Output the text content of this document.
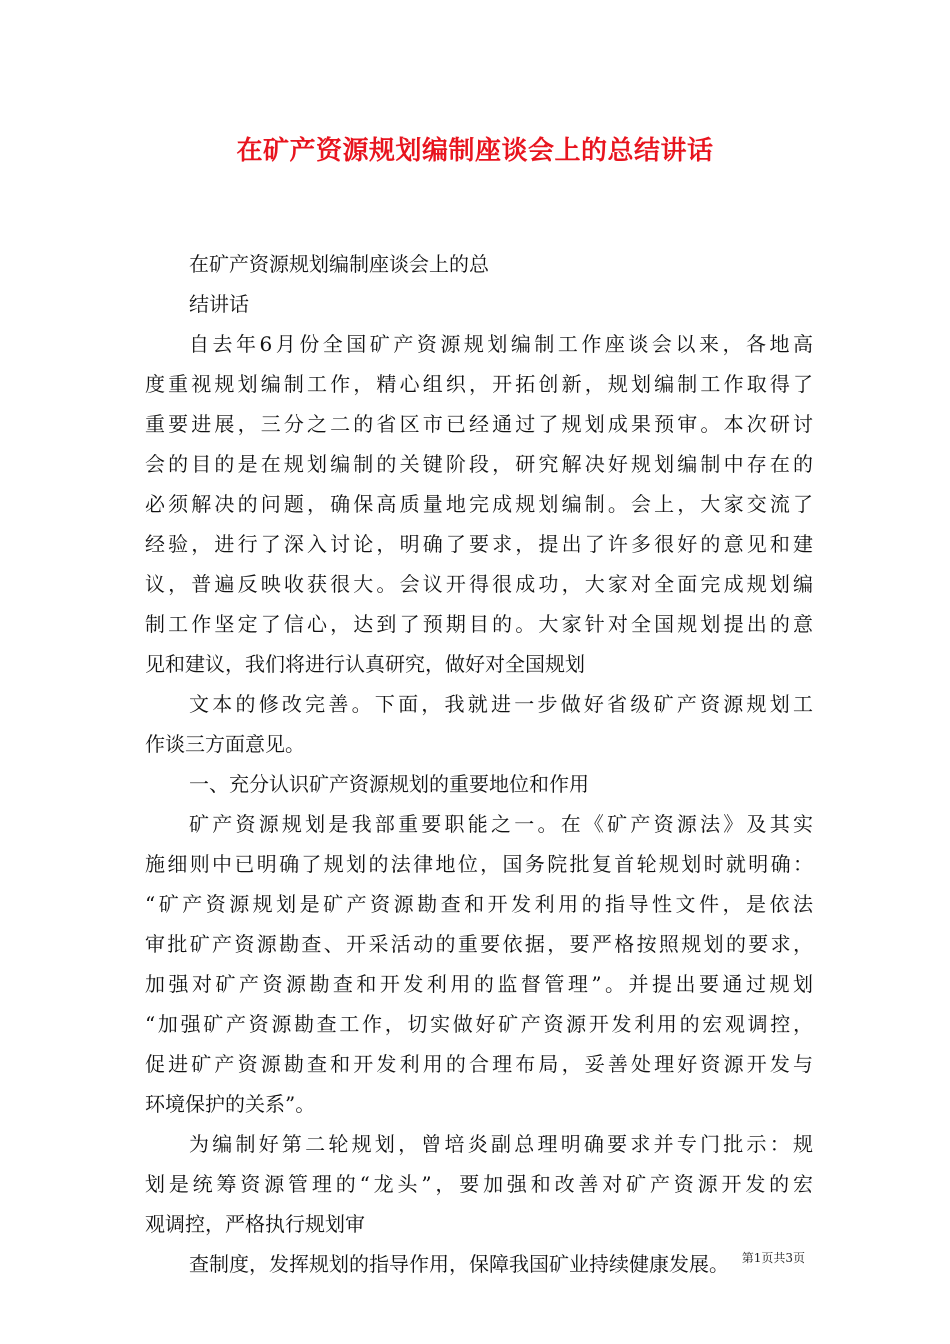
在矿产资源规划编制座谈会上的总结讲话
在矿产资源规划编制座谈会上的总
结讲话
自去年6月份全国矿产资源规划编制工作座谈会以来，各地高
度重视规划编制工作，精心组织，开拓创新，规划编制工作取得了
重要进展，三分之二的省区市已经通过了规划成果预审。本次研讨
会的目的是在规划编制的关键阶段，研究解决好规划编制中存在的
必须解决的问题，确保高质量地完成规划编制。会上，大家交流了
经验，进行了深入讨论，明确了要求，提出了许多很好的意见和建
议，普遍反映收获很大。会议开得很成功，大家对全面完成规划编
制工作坚定了信心，达到了预期目的。大家针对全国规划提出的意
见和建议，我们将进行认真研究，做好对全国规划
文本的修改完善。下面，我就进一步做好省级矿产资源规划工
作谈三方面意见。
一、充分认识矿产资源规划的重要地位和作用
矿产资源规划是我部重要职能之一。在《矿产资源法》及其实
施细则中已明确了规划的法律地位，国务院批复首轮规划时就明确：
“矿产资源规划是矿产资源勘查和开发利用的指导性文件，是依法
审批矿产资源勘查、开采活动的重要依据，要严格按照规划的要求，
加强对矿产资源勘查和开发利用的监督管理”。并提出要通过规划
“加强矿产资源勘查工作，切实做好矿产资源开发利用的宏观调控，
促进矿产资源勘查和开发利用的合理布局，妥善处理好资源开发与
环境保护的关系”。
为编制好第二轮规划，曾培炎副总理明确要求并专门批示：规
划是统筹资源管理的“龙头”，要加强和改善对矿产资源开发的宏
观调控，严格执行规划审
查制度，发挥规划的指导作用，保障我国矿业持续健康发展。	第1页共3页
